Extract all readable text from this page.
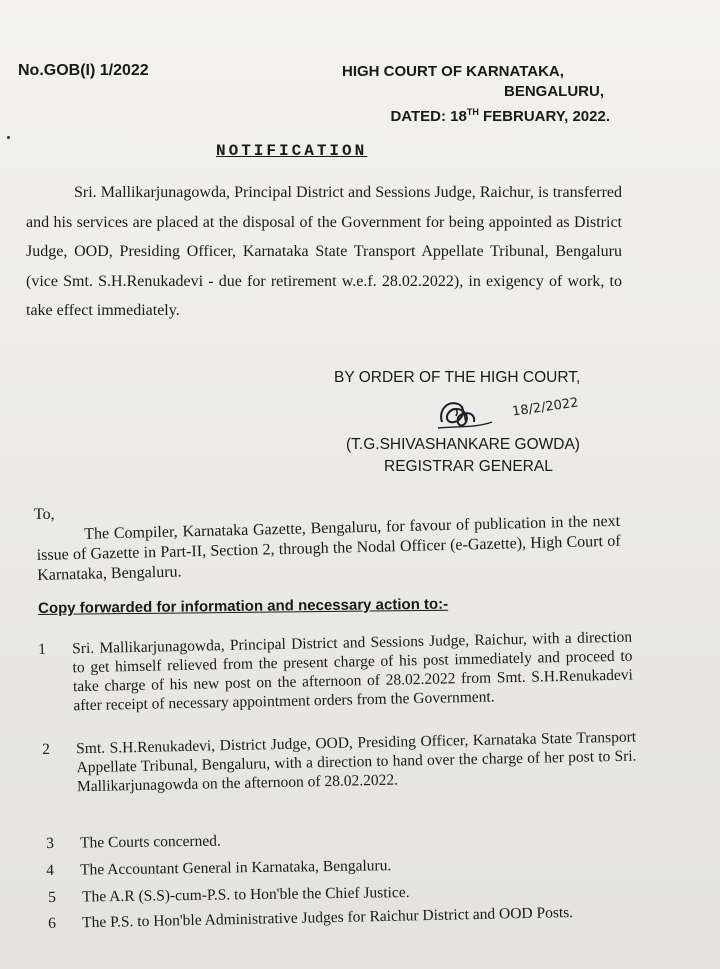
No.GOB(I) 1/2022	HIGH COURT OF KARNATAKA,
BENGALURU,
DATED: 18TH FEBRUARY, 2022.
NOTIFICATION
Sri. Mallikarjunagowda, Principal District and Sessions Judge, Raichur, is transferred and his services are placed at the disposal of the Government for being appointed as District Judge, OOD, Presiding Officer, Karnataka State Transport Appellate Tribunal, Bengaluru (vice Smt. S.H.Renukadevi - due for retirement w.e.f. 28.02.2022), in exigency of work, to take effect immediately.
BY ORDER OF THE HIGH COURT,
18/2/2022
(T.G.SHIVASHANKARE GOWDA)
REGISTRAR GENERAL
To,	The Compiler, Karnataka Gazette, Bengaluru, for favour of publication in the next issue of Gazette in Part-II, Section 2, through the Nodal Officer (e-Gazette), High Court of Karnataka, Bengaluru.
Copy forwarded for information and necessary action to:-
1	Sri. Mallikarjunagowda, Principal District and Sessions Judge, Raichur, with a direction to get himself relieved from the present charge of his post immediately and proceed to take charge of his new post on the afternoon of 28.02.2022 from Smt. S.H.Renukadevi after receipt of necessary appointment orders from the Government.
2	Smt. S.H.Renukadevi, District Judge, OOD, Presiding Officer, Karnataka State Transport Appellate Tribunal, Bengaluru, with a direction to hand over the charge of her post to Sri. Mallikarjunagowda on the afternoon of 28.02.2022.
3	The Courts concerned.
4	The Accountant General in Karnataka, Bengaluru.
5	The A.R (S.S)-cum-P.S. to Hon'ble the Chief Justice.
6	The P.S. to Hon'ble Administrative Judges for Raichur District and OOD Posts.
